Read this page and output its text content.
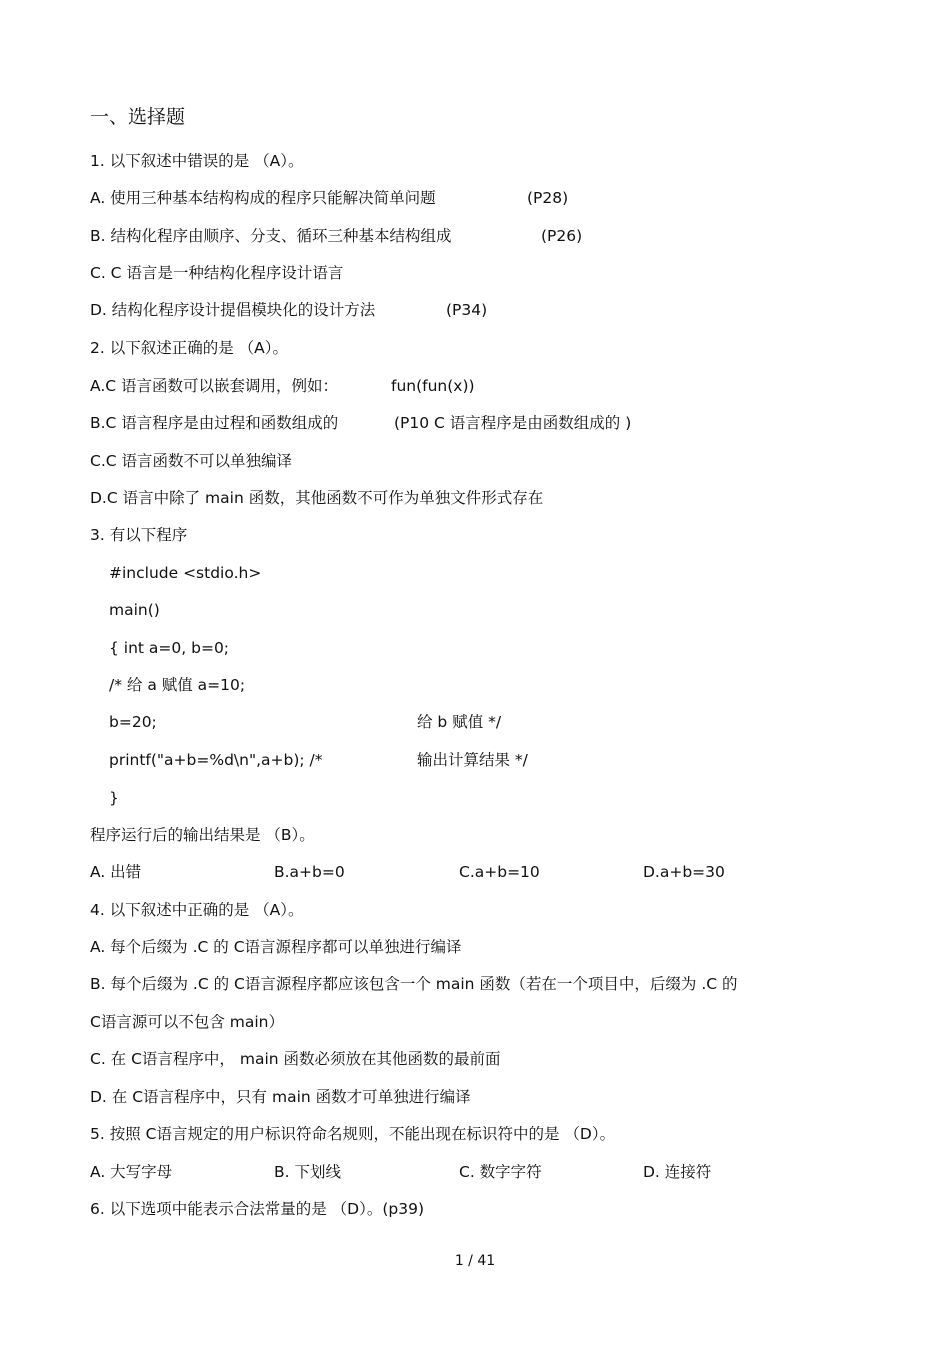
一、选择题
1. 以下叙述中错误的是 （A）。
A. 使用三种基本结构构成的程序只能解决简单问题	(P28)
B. 结构化程序由顺序、分支、循环三种基本结构组成	(P26)
C. C 语言是一种结构化程序设计语言
D. 结构化程序设计提倡模块化的设计方法	(P34)
2. 以下叙述正确的是 （A）。
A.C 语言函数可以嵌套调用，例如：	fun(fun(x))
B.C 语言程序是由过程和函数组成的	(P10 C 语言程序是由函数组成的 )
C.C 语言函数不可以单独编译
D.C 语言中除了 main 函数，其他函数不可作为单独文件形式存在
3. 有以下程序
#include <stdio.h>
main()
{ int a=0, b=0;
/* 给 a 赋值 a=10;
b=20;	给 b 赋值 */
printf("a+b=%d\n",a+b); /*	输出计算结果 */
}
程序运行后的输出结果是 （B）。
A. 出错	B.a+b=0	C.a+b=10	D.a+b=30
4. 以下叙述中正确的是 （A）。
A. 每个后缀为 .C 的 C语言源程序都可以单独进行编译
B. 每个后缀为 .C 的 C语言源程序都应该包含一个 main 函数（若在一个项目中，后缀为 .C 的
C语言源可以不包含 main）
C. 在 C语言程序中， main 函数必须放在其他函数的最前面
D. 在 C语言程序中，只有 main 函数才可单独进行编译
5. 按照 C语言规定的用户标识符命名规则，不能出现在标识符中的是 （D）。
A. 大写字母	B. 下划线	C. 数字字符	D. 连接符
6. 以下选项中能表示合法常量的是 （D）。(p39)
1 / 41
